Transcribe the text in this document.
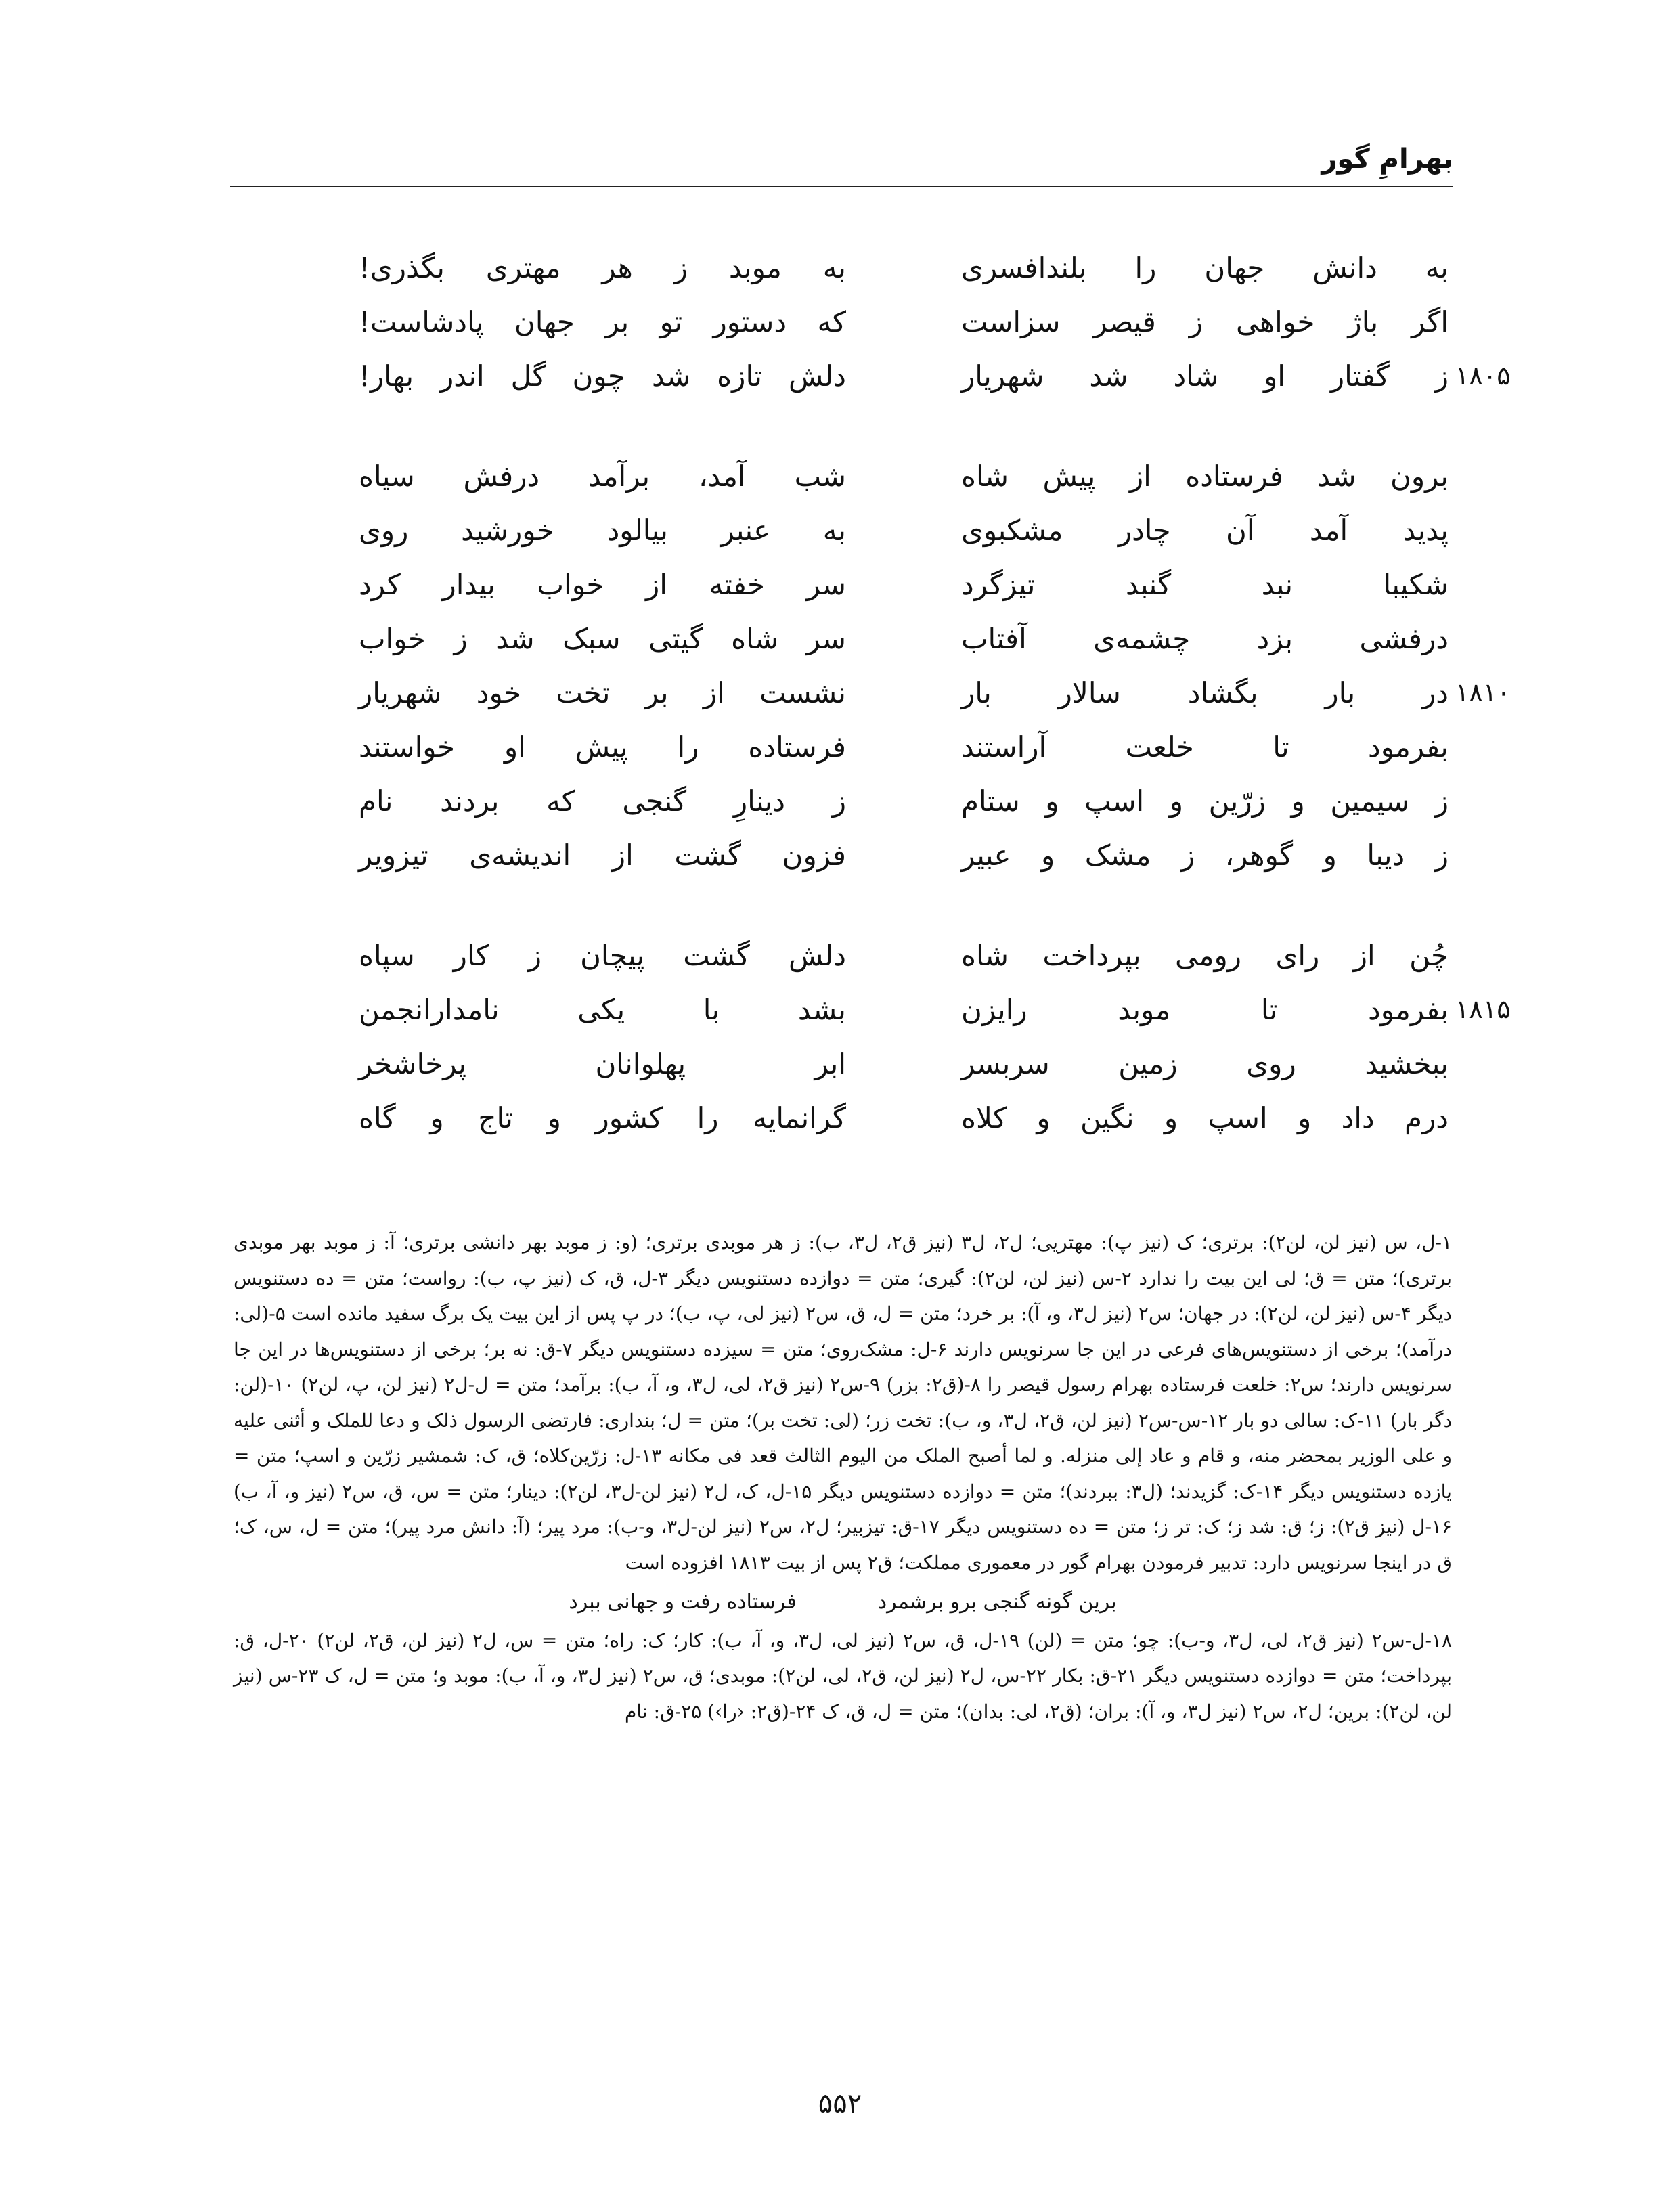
بهرامِ گور
به دانش جهان را بلندافسری
به موبد ز هر مهتری بگذری!
اگر باژ خواهی ز قیصر سزاست
که دستور تو بر جهان پادشاست!
۱۸۰۵
ز گفتار او شاد شد شهریار
دلش تازه شد چون گل اندر بهار!
برون شد فرستاده از پیش شاه
شب آمد، برآمد درفش سیاه
پدید آمد آن چادر مشکبوی
به عنبر بیالود خورشید روی
شکیبا نبد گنبد تیزگرد
سر خفته از خواب بیدار کرد
درفشی بزد چشمه‌ی آفتاب
سر شاه گیتی سبک شد ز خواب
۱۸۱۰
در بار بگشاد سالار بار
نشست از بر تخت خود شهریار
بفرمود تا خلعت آراستند
فرستاده را پیش او خواستند
ز سیمین و زرّین و اسپ و ستام
ز دینارِ گنجی که بردند نام
ز دیبا و گوهر، ز مشک و عبیر
فزون گشت از اندیشه‌ی تیزویر
چُن از رای رومی بپرداخت شاه
دلش گشت پیچان ز کار سپاه
۱۸۱۵
بفرمود تا موبد رایزن
بشد با یکی نامدارانجمن
ببخشید روی زمین سربسر
ابر پهلوانان پرخاشخر
درم داد و اسپ و نگین و کلاه
گرانمایه را کشور و تاج و گاه
۱-ل، س (نیز لن، لن۲): برتری؛ ک (نیز پ): مهتریی؛ ل۲، ل۳ (نیز ق۲، ل۳، ب): ز هر موبدی برتری؛ (و: ز موبد بهر دانشی برتری؛ آ: ز موبد بهر موبدی برتری)؛ متن = ق؛ لی این بیت را ندارد ۲-س (نیز لن، لن۲): گیری؛ متن = دوازده دستنویس دیگر ۳-ل، ق، ک (نیز پ، ب): رواست؛ متن = ده دستنویس دیگر ۴-س (نیز لن، لن۲): در جهان؛ س۲ (نیز ل۳، و، آ): بر خرد؛ متن = ل، ق، س۲ (نیز لی، پ، ب)؛ در پ پس از این بیت یک برگ سفید مانده است ۵-(لی: درآمد)؛ برخی از دستنویس‌های فرعی در این جا سرنویس دارند ۶-ل: مشک‌روی؛ متن = سیزده دستنویس دیگر ۷-ق: نه بر؛ برخی از دستنویس‌ها در این جا سرنویس دارند؛ س۲: خلعت فرستاده بهرام رسول قیصر را ۸-(ق۲: بزر) ۹-س۲ (نیز ق۲، لی، ل۳، و، آ، ب): برآمد؛ متن = ل-ل۲ (نیز لن، پ، لن۲) ۱۰-(لن: دگر بار) ۱۱-ک: سالی دو بار ۱۲-س-س۲ (نیز لن، ق۲، ل۳، و، ب): تخت زر؛ (لی: تخت بر)؛ متن = ل؛ بنداری: فارتضی الرسول ذلک و دعا للملک و أثنی علیه و علی الوزیر بمحضر منه، و قام و عاد إلی منزله. و لما أصبح الملک من الیوم الثالث قعد فی مکانه ۱۳-ل: زرّین‌کلاه؛ ق، ک: شمشیر زرّین و اسپ؛ متن = یازده دستنویس دیگر ۱۴-ک: گزیدند؛ (ل۳: ببردند)؛ متن = دوازده دستنویس دیگر ۱۵-ل، ک، ل۲ (نیز لن-ل۳، لن۲): دینار؛ متن = س، ق، س۲ (نیز و، آ، ب) ۱۶-ل (نیز ق۲): ز؛ ق: شد ز؛ ک: تر ز؛ متن = ده دستنویس دیگر ۱۷-ق: تیزبیر؛ ل۲، س۲ (نیز لن-ل۳، و-ب): مرد پیر؛ (آ: دانش مرد پیر)؛ متن = ل، س، ک؛ ق در اینجا سرنویس دارد: تدبیر فرمودن بهرام گور در معموری مملکت؛ ق۲ پس از بیت ۱۸۱۳ افزوده است
برین گونه گنجی برو برشمرد
فرستاده رفت و جهانی ببرد
۱۸-ل-س۲ (نیز ق۲، لی، ل۳، و-ب): چو؛ متن = (لن) ۱۹-ل، ق، س۲ (نیز لی، ل۳، و، آ، ب): کار؛ ک: راه؛ متن = س، ل۲ (نیز لن، ق۲، لن۲) ۲۰-ل، ق: بپرداخت؛ متن = دوازده دستنویس دیگر ۲۱-ق: بکار ۲۲-س، ل۲ (نیز لن، ق۲، لی، لن۲): موبدی؛ ق، س۲ (نیز ل۳، و، آ، ب): موبد و؛ متن = ل، ک ۲۳-س (نیز لن، لن۲): برین؛ ل۲، س۲ (نیز ل۳، و، آ): بران؛ (ق۲، لی: بدان)؛ متن = ل، ق، ک ۲۴-(ق۲: ‹را›) ۲۵-ق: نام
۵۵۲
